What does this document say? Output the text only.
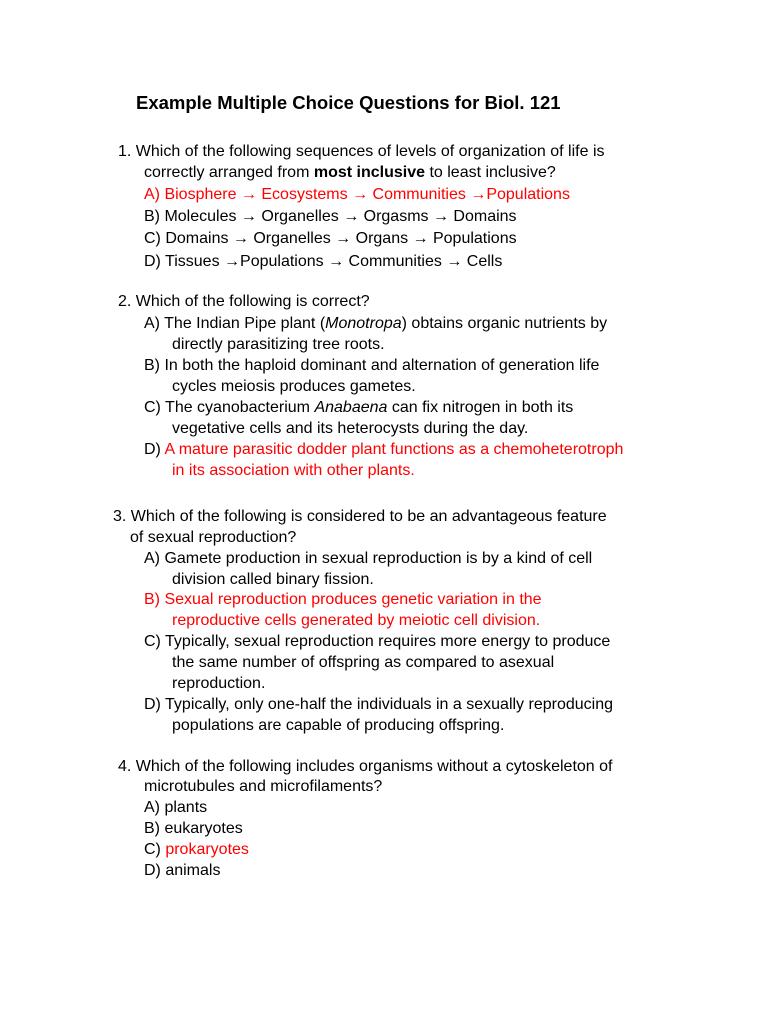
Example Multiple Choice Questions for Biol. 121
1. Which of the following sequences of levels of organization of life is
correctly arranged from most inclusive to least inclusive?
A) Biosphere → Ecosystems → Communities →Populations
B) Molecules → Organelles → Orgasms → Domains
C) Domains → Organelles → Organs → Populations
D) Tissues →Populations → Communities → Cells
2. Which of the following is correct?
A) The Indian Pipe plant (Monotropa) obtains organic nutrients by
directly parasitizing tree roots.
B) In both the haploid dominant and alternation of generation life
cycles meiosis produces gametes.
C) The cyanobacterium Anabaena can fix nitrogen in both its
vegetative cells and its heterocysts during the day.
D) A mature parasitic dodder plant functions as a chemoheterotroph
in its association with other plants.
3. Which of the following is considered to be an advantageous feature
of sexual reproduction?
A) Gamete production in sexual reproduction is by a kind of cell
division called binary fission.
B) Sexual reproduction produces genetic variation in the
reproductive cells generated by meiotic cell division.
C) Typically, sexual reproduction requires more energy to produce
the same number of offspring as compared to asexual
reproduction.
D) Typically, only one-half the individuals in a sexually reproducing
populations are capable of producing offspring.
4. Which of the following includes organisms without a cytoskeleton of
microtubules and microfilaments?
A) plants
B) eukaryotes
C) prokaryotes
D) animals
